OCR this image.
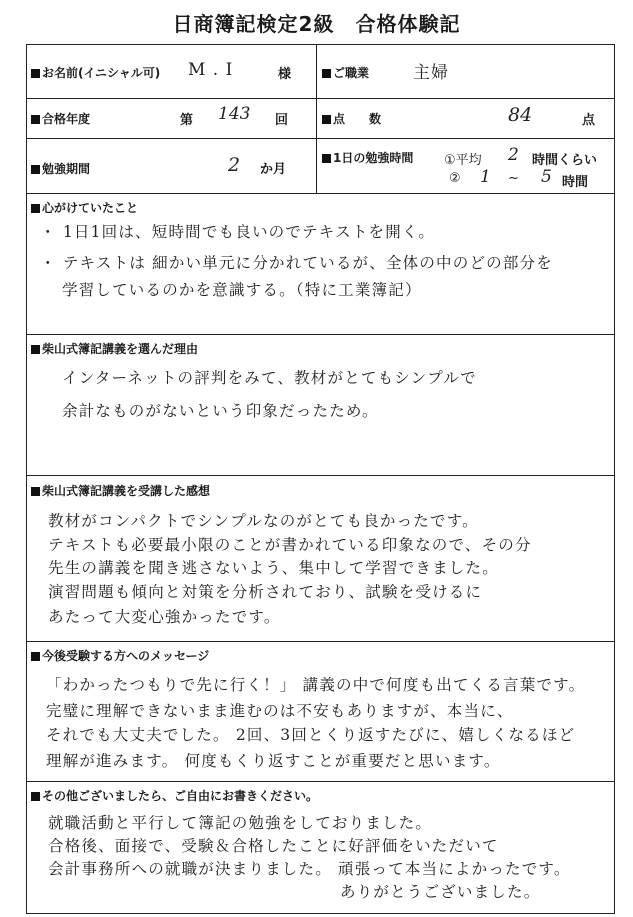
日商簿記検定2級　合格体験記
お名前(イニシャル可) M . I	様	ご職業	主婦
合格年度	第 143 回	点　　数	84	点
勉強期間	2 か月
1日の勉強時間 ①平均 2 時間くらい
② 1 ~ 5 時間
心がけていたこと
・ 1日1回は、短時間でも良いのでテキストを開く。
・ テキストは 細かい単元に分かれているが、全体の中のどの部分を
学習しているのかを意識する。（特に工業簿記）
柴山式簿記講義を選んだ理由
インターネットの評判をみて、教材がとてもシンプルで
余計なものがないという印象だったため。
柴山式簿記講義を受講した感想
教材がコンパクトでシンプルなのがとても良かったです。
テキストも必要最小限のことが書かれている印象なので、その分
先生の講義を聞き逃さないよう、集中して学習できました。
演習問題も傾向と対策を分析されており、試験を受けるに
あたって大変心強かったです。
今後受験する方へのメッセージ
「わかったつもりで先に行く！」 講義の中で何度も出てくる言葉です。
完璧に理解できないまま進むのは不安もありますが、本当に、
それでも大丈夫でした。 2回、3回とくり返すたびに、嬉しくなるほど
理解が進みます。 何度もくり返すことが重要だと思います。
その他ございましたら、ご自由にお書きください。
就職活動と平行して簿記の勉強をしておりました。
合格後、面接で、受験＆合格したことに好評価をいただいて
会計事務所への就職が決まりました。 頑張って本当によかったです。
ありがとうございました。
